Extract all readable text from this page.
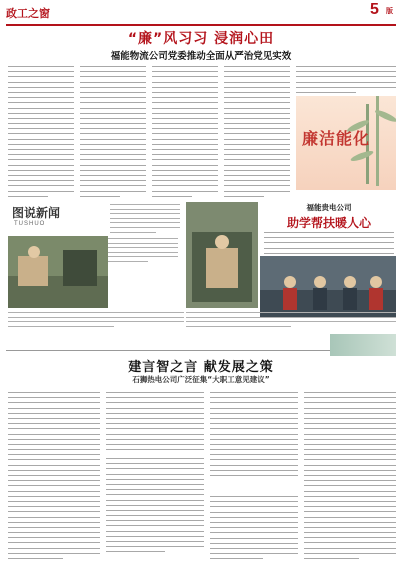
政工之窗	5 版
“廉”风习习 浸润心田
福能物流公司党委推动全面从严治党见实效
廉洁能化
图说新闻
TUSHUO
福能贵电公司
助学帮扶暖人心
建言智之言 献发展之策
石狮热电公司广泛征集“大职工意见建议”
